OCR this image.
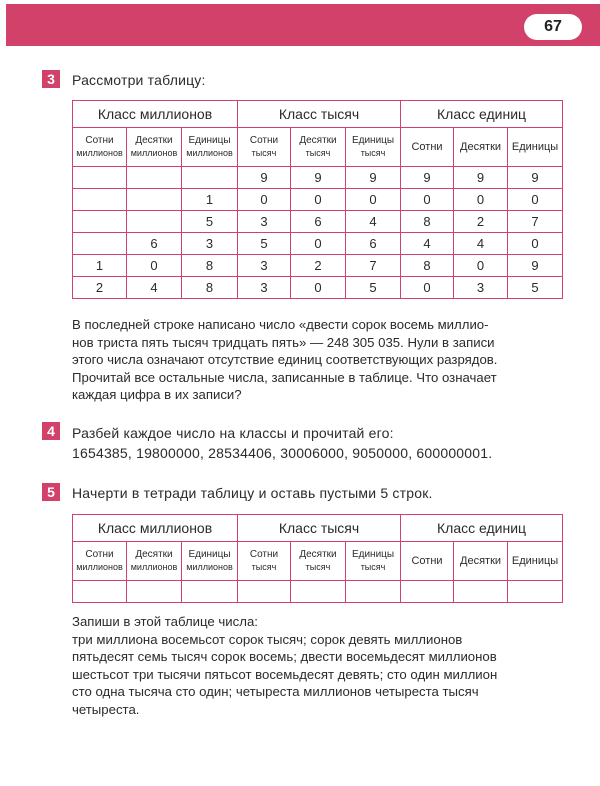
67
3	Рассмотри таблицу:
Класс миллионов			Класс тысяч			Класс единиц		
Сотни
миллионов	Десятки
миллионов	Единицы
миллионов	Сотни
тысяч	Десятки
тысяч	Единицы
тысяч	Сотни	Десятки	Единицы
			9	9	9	9	9	9
		1	0	0	0	0	0	0
		5	3	6	4	8	2	7
	6	3	5	0	6	4	4	0
1	0	8	3	2	7	8	0	9
2	4	8	3	0	5	0	3	5

В последней строке написано число «двести сорок восемь миллио-

нов триста пять тысяч тридцать пять» — 248 305 035. Нули в записи

этого числа означают отсутствие единиц соответствующих разрядов.

Прочитай все остальные числа, записанные в таблице. Что означает

каждая цифра в их записи?

4	Разбей каждое число на классы и прочитай его:
1654385, 19800000, 28534406, 30006000, 9050000, 600000001.
5	Начерти в тетради таблицу и оставь пустыми 5 строк.
Класс миллионов			Класс тысяч			Класс единиц		
Сотни
миллионов	Десятки
миллионов	Единицы
миллионов	Сотни
тысяч	Десятки
тысяч	Единицы
тысяч	Сотни	Десятки	Единицы

Запиши в этой таблице числа:

три миллиона восемьсот сорок тысяч; сорок девять миллионов

пятьдесят семь тысяч сорок восемь; двести восемьдесят миллионов

шестьсот три тысячи пятьсот восемьдесят девять; сто один миллион

сто одна тысяча сто один; четыреста миллионов четыреста тысяч

четыреста.
